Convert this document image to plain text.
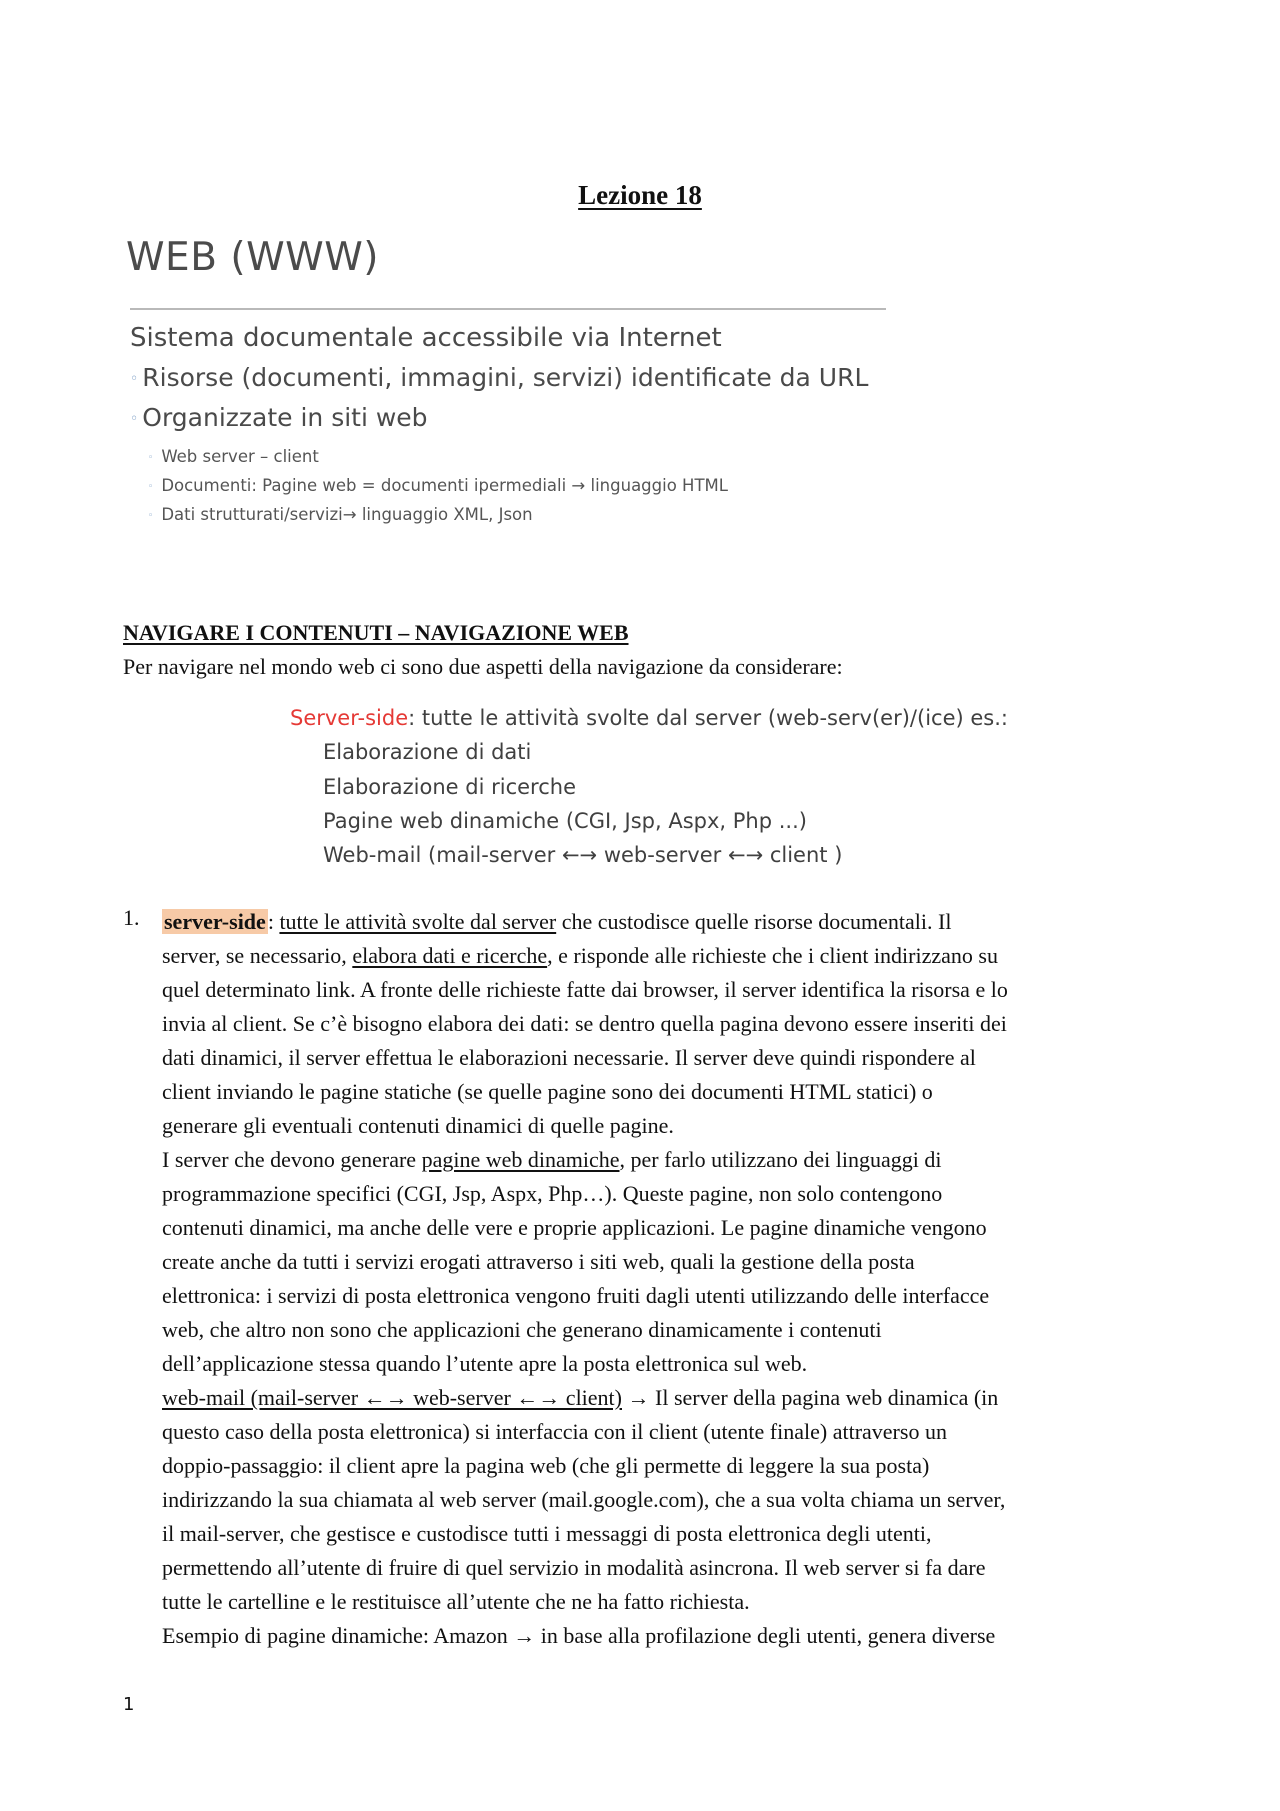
Lezione 18
WEB (WWW)
Sistema documentale accessibile via Internet
◦ Risorse (documenti, immagini, servizi) identificate da URL
◦ Organizzate in siti web
◦ Web server – client
◦ Documenti: Pagine web = documenti ipermediali → linguaggio HTML
◦ Dati strutturati/servizi→ linguaggio XML, Json
NAVIGARE I CONTENUTI – NAVIGAZIONE WEB
Per navigare nel mondo web ci sono due aspetti della navigazione da considerare:
Server-side: tutte le attività svolte dal server (web-serv(er)/(ice) es.:
Elaborazione di dati
Elaborazione di ricerche
Pagine web dinamiche (CGI, Jsp, Aspx, Php ...)
Web-mail (mail-server ←→ web-server ←→ client )
1. server-side: tutte le attività svolte dal server che custodisce quelle risorse documentali. Il
server, se necessario, elabora dati e ricerche, e risponde alle richieste che i client indirizzano su
quel determinato link. A fronte delle richieste fatte dai browser, il server identifica la risorsa e lo
invia al client. Se c’è bisogno elabora dei dati: se dentro quella pagina devono essere inseriti dei
dati dinamici, il server effettua le elaborazioni necessarie. Il server deve quindi rispondere al
client inviando le pagine statiche (se quelle pagine sono dei documenti HTML statici) o
generare gli eventuali contenuti dinamici di quelle pagine.
I server che devono generare pagine web dinamiche, per farlo utilizzano dei linguaggi di
programmazione specifici (CGI, Jsp, Aspx, Php…). Queste pagine, non solo contengono
contenuti dinamici, ma anche delle vere e proprie applicazioni. Le pagine dinamiche vengono
create anche da tutti i servizi erogati attraverso i siti web, quali la gestione della posta
elettronica: i servizi di posta elettronica vengono fruiti dagli utenti utilizzando delle interfacce
web, che altro non sono che applicazioni che generano dinamicamente i contenuti
dell’applicazione stessa quando l’utente apre la posta elettronica sul web.
web-mail (mail-server ←→ web-server ←→ client) → Il server della pagina web dinamica (in
questo caso della posta elettronica) si interfaccia con il client (utente finale) attraverso un
doppio-passaggio: il client apre la pagina web (che gli permette di leggere la sua posta)
indirizzando la sua chiamata al web server (mail.google.com), che a sua volta chiama un server,
il mail-server, che gestisce e custodisce tutti i messaggi di posta elettronica degli utenti,
permettendo all’utente di fruire di quel servizio in modalità asincrona. Il web server si fa dare
tutte le cartelline e le restituisce all’utente che ne ha fatto richiesta.
Esempio di pagine dinamiche: Amazon → in base alla profilazione degli utenti, genera diverse
1
